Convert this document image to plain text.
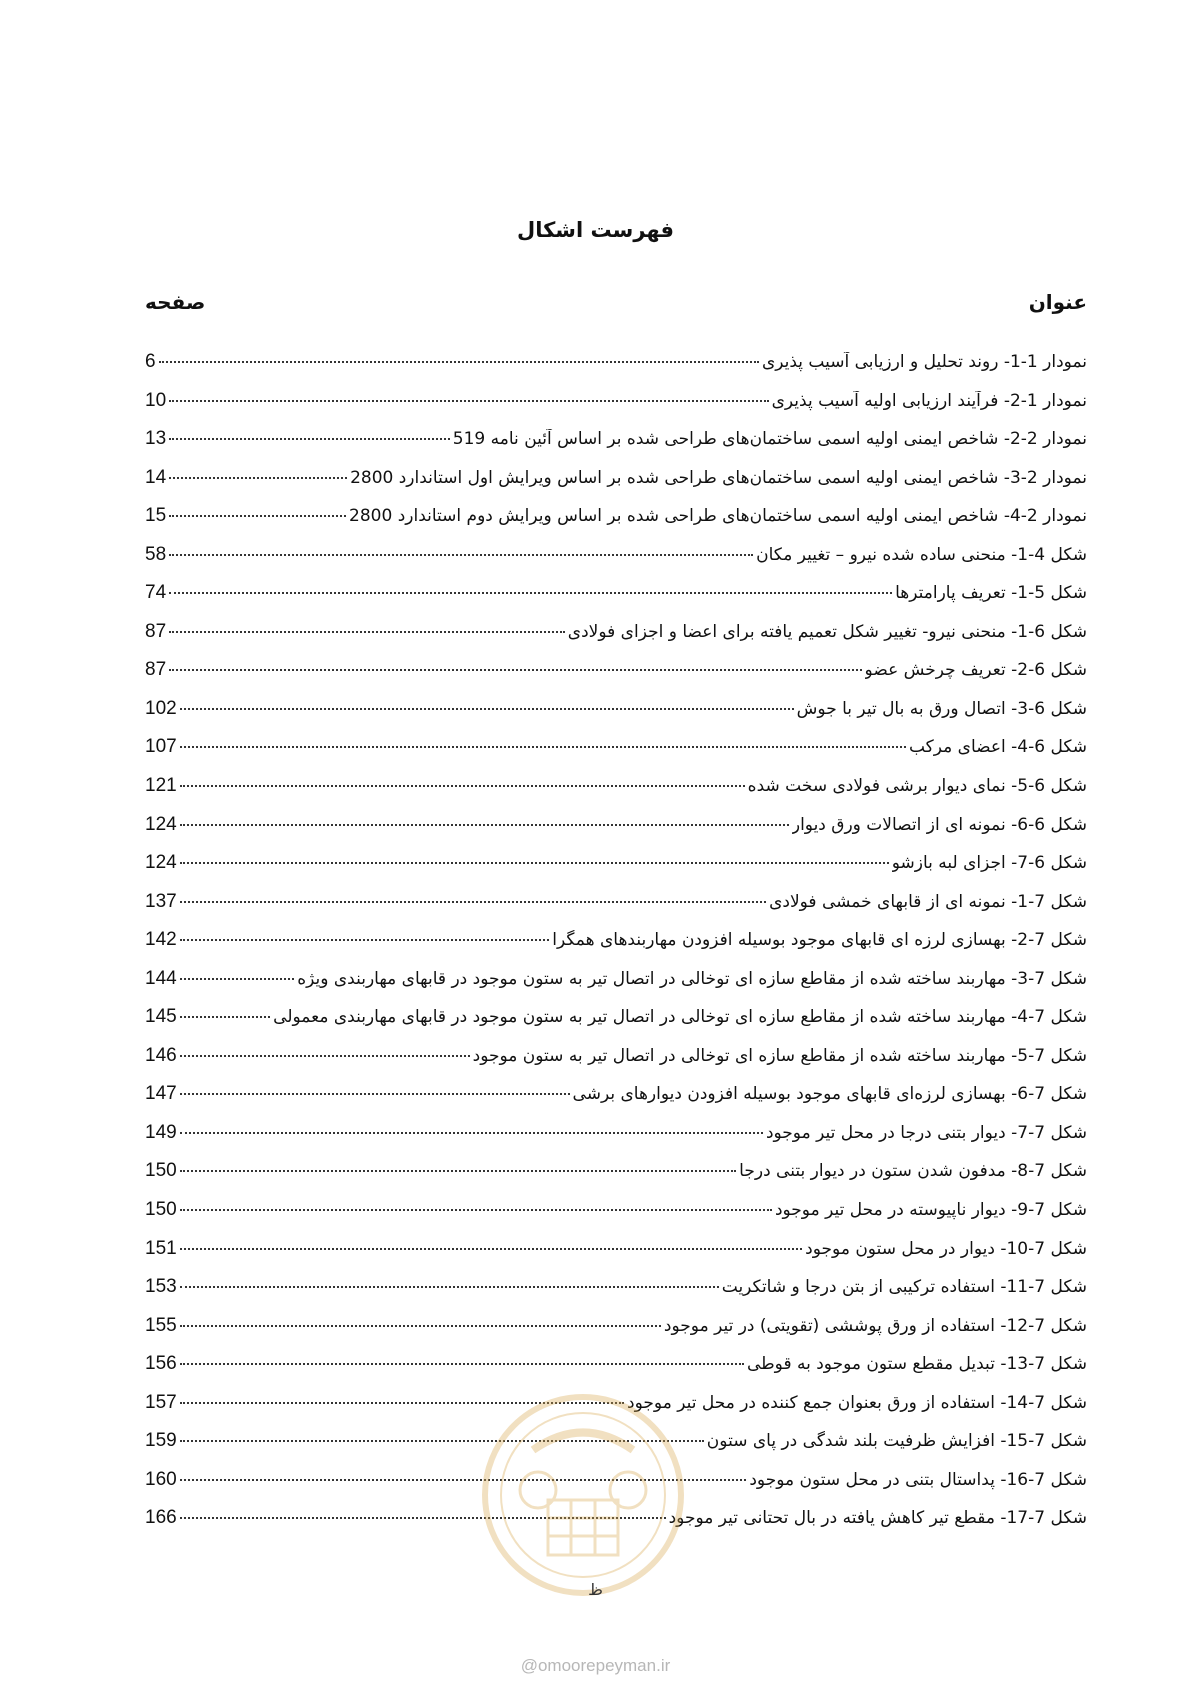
فهرست اشکال
عنوان
صفحه
نمودار 1-1- روند تحلیل و ارزیابی آسیب پذیری
6
نمودار 1-2- فرآیند ارزیابی اولیه آسیب پذیری
10
نمودار 2-2- شاخص ایمنی اولیه اسمی ساختمان‌های طراحی شده بر اساس آئین نامه 519
13
نمودار 2-3- شاخص ایمنی اولیه اسمی ساختمان‌های طراحی شده بر اساس ویرایش اول استاندارد 2800
14
نمودار 2-4- شاخص ایمنی اولیه اسمی ساختمان‌های طراحی شده بر اساس ویرایش دوم استاندارد 2800
15
شکل 4-1- منحنی ساده شده نیرو – تغییر مکان
58
شکل 5-1- تعریف پارامترها
74
شکل 6-1- منحنی نیرو- تغییر شکل تعمیم یافته برای اعضا و اجزای فولادی
87
شکل 6-2- تعریف چرخش عضو
87
شکل 6-3- اتصال ورق به بال تیر با جوش
102
شکل 6-4- اعضای مرکب
107
شکل 6-5- نمای دیوار برشی فولادی سخت شده
121
شکل 6-6- نمونه ای از اتصالات ورق دیوار
124
شکل 6-7- اجزای لبه بازشو
124
شکل 7-1- نمونه ای از قابهای خمشی فولادی
137
شکل 7-2- بهسازی لرزه ای قابهای موجود بوسیله افزودن مهاربندهای همگرا
142
شکل 7-3- مهاربند ساخته شده از مقاطع سازه ای توخالی در اتصال تیر به ستون موجود در قابهای مهاربندی ویژه
144
شکل 7-4- مهاربند ساخته شده از مقاطع سازه ای توخالی در اتصال تیر به ستون موجود در قابهای مهاربندی معمولی
145
شکل 7-5- مهاربند ساخته شده از مقاطع سازه ای توخالی در اتصال تیر به ستون موجود
146
شکل 7-6- بهسازی لرزه‌ای قابهای موجود بوسیله افزودن دیوارهای برشی
147
شکل 7-7- دیوار بتنی درجا در محل تیر موجود
149
شکل 7-8- مدفون شدن ستون در دیوار بتنی درجا
150
شکل 7-9- دیوار ناپیوسته در محل تیر موجود
150
شکل 7-10- دیوار در محل ستون موجود
151
شکل 7-11- استفاده ترکیبی از بتن درجا و شاتکریت
153
شکل 7-12- استفاده از ورق پوششی (تقویتی) در تیر موجود
155
شکل 7-13- تبدیل مقطع ستون موجود به قوطی
156
شکل 7-14- استفاده از ورق بعنوان جمع کننده در محل تیر موجود
157
شکل 7-15- افزایش ظرفیت بلند شدگی در پای ستون
159
شکل 7-16- پداستال بتنی در محل ستون موجود
160
شکل 7-17- مقطع تیر کاهش یافته در بال تحتانی تیر موجود
166
ظ
@omoorepeyman.ir
